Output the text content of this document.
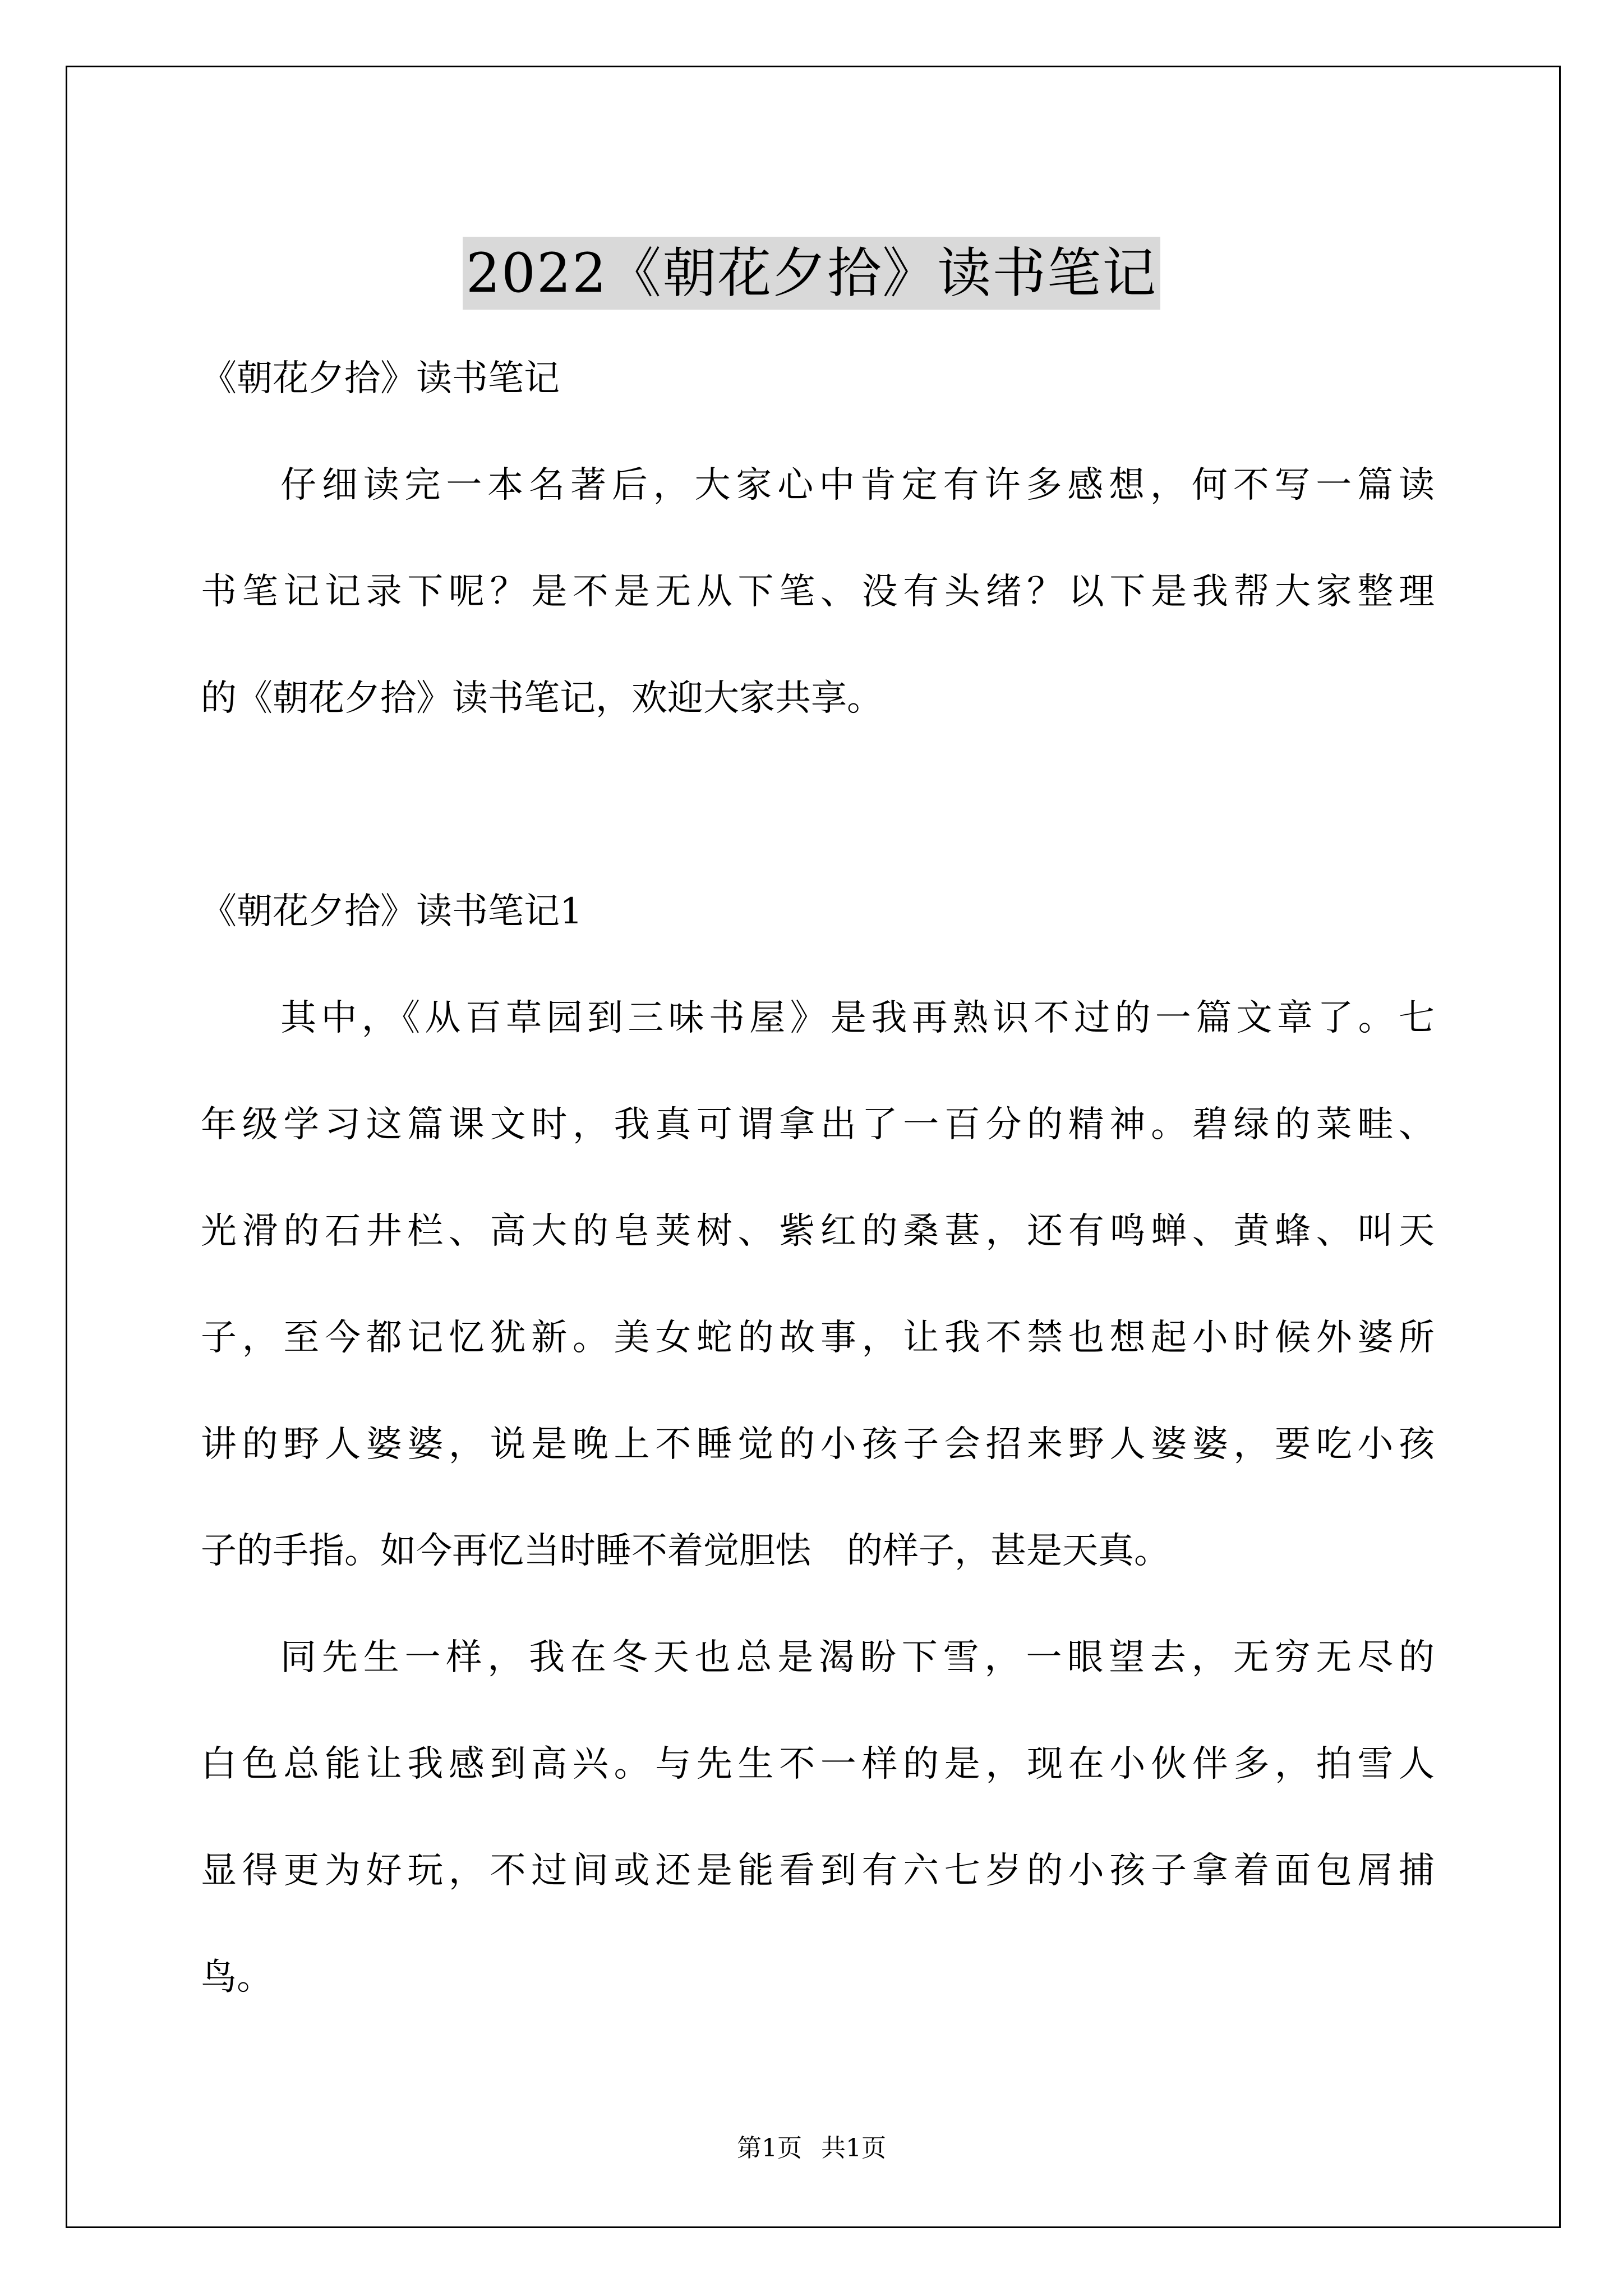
2022《朝花夕拾》读书笔记
《朝花夕拾》读书笔记
仔细读完一本名著后，大家心中肯定有许多感想，何不写一篇读
书笔记记录下呢？是不是无从下笔、没有头绪？以下是我帮大家整理
的《朝花夕拾》读书笔记，欢迎大家共享。
《朝花夕拾》读书笔记1
其中，《从百草园到三味书屋》是我再熟识不过的一篇文章了。七
年级学习这篇课文时，我真可谓拿出了一百分的精神。碧绿的菜畦、
光滑的石井栏、高大的皂荚树、紫红的桑葚，还有鸣蝉、黄蜂、叫天
子，至今都记忆犹新。美女蛇的故事，让我不禁也想起小时候外婆所
讲的野人婆婆，说是晚上不睡觉的小孩子会招来野人婆婆，要吃小孩
子的手指。如今再忆当时睡不着觉胆怯　的样子，甚是天真。
同先生一样，我在冬天也总是渴盼下雪，一眼望去，无穷无尽的
白色总能让我感到高兴。与先生不一样的是，现在小伙伴多，拍雪人
显得更为好玩，不过间或还是能看到有六七岁的小孩子拿着面包屑捕
鸟。
第1页 共1页
